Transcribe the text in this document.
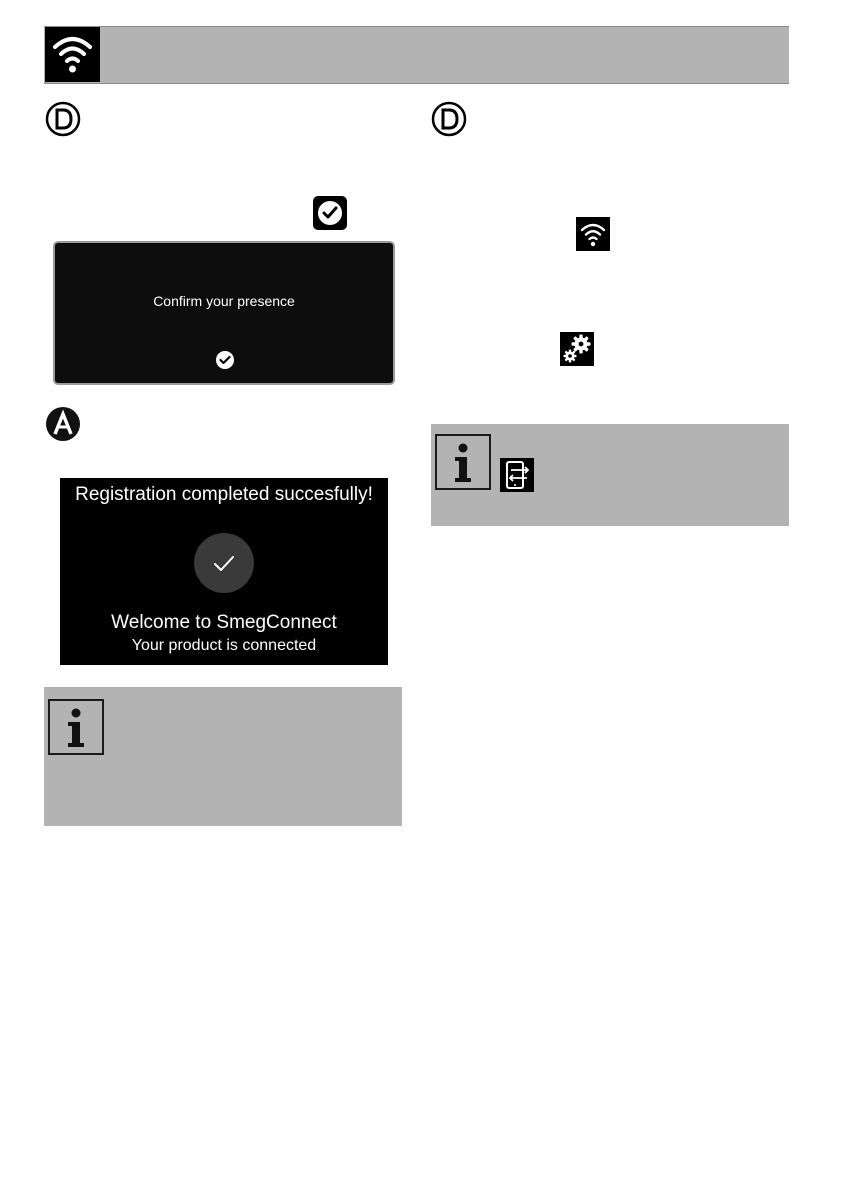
Confirm your presence
Registration completed succesfully!
Welcome to SmegConnect
Your product is connected
